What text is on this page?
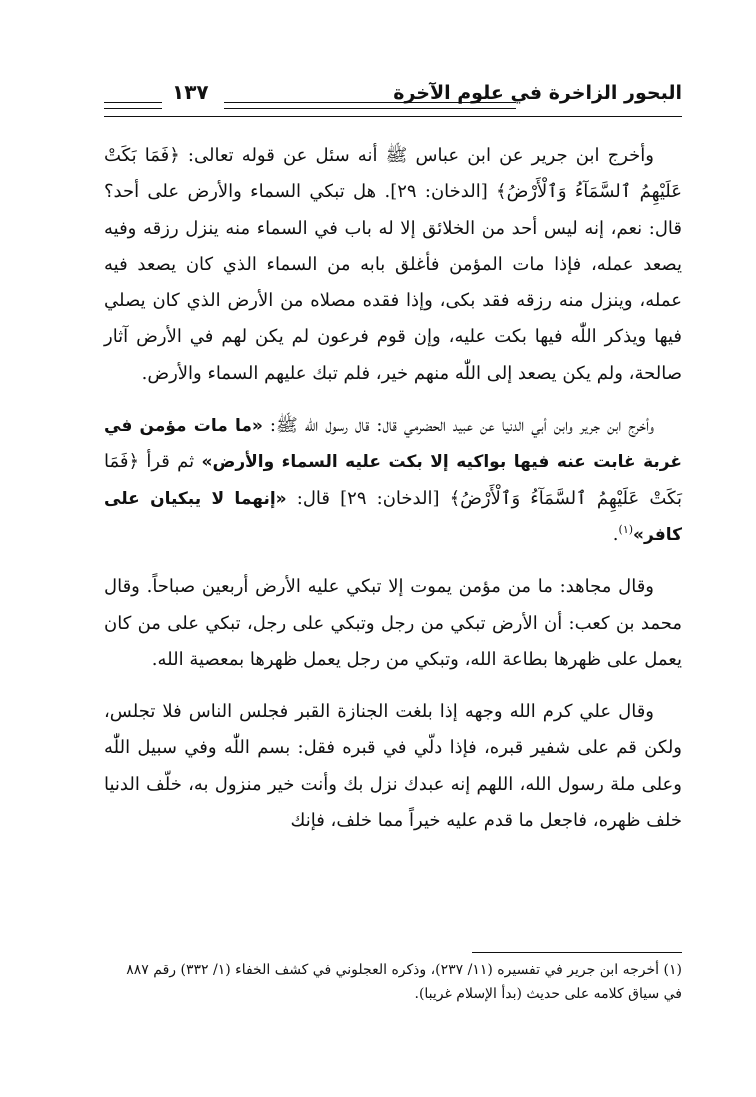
البحور الزاخرة في علوم الآخرة
١٣٧

وأخرج ابن جرير عن ابن عباس ﷺ أنه سئل عن قوله تعالى: ﴿فَمَا بَكَتْ عَلَيْهِمُ ٱلسَّمَآءُ وَٱلْأَرْضُ﴾ [الدخان: ٢٩]. هل تبكي السماء والأرض على أحد؟ قال: نعم، إنه ليس أحد من الخلائق إلا له باب في السماء منه ينزل رزقه وفيه يصعد عمله، فإذا مات المؤمن فأغلق بابه من السماء الذي كان يصعد فيه عمله، وينزل منه رزقه فقد بكى، وإذا فقده مصلاه من الأرض الذي كان يصلي فيها ويذكر اللّٰه فيها بكت عليه، وإن قوم فرعون لم يكن لهم في الأرض آثار صالحة، ولم يكن يصعد إلى اللّٰه منهم خير، فلم تبك عليهم السماء والأرض.

وأخرج ابن جرير وابن أبي الدنيا عن عبيد الحضرمي قال: قال رسول اللّٰه ﷺ: «ما مات مؤمن في غربة غابت عنه فيها بواكيه إلا بكت عليه السماء والأرض» ثم قرأ ﴿فَمَا بَكَتْ عَلَيْهِمُ ٱلسَّمَآءُ وَٱلْأَرْضُ﴾ [الدخان: ٢٩] قال: «إنهما لا يبكيان على كافر»$^{(١)}$.

وقال مجاهد: ما من مؤمن يموت إلا تبكي عليه الأرض أربعين صباحاً. وقال محمد بن كعب: أن الأرض تبكي من رجل وتبكي على رجل، تبكي على من كان يعمل على ظهرها بطاعة الله، وتبكي من رجل يعمل ظهرها بمعصية الله.

وقال علي كرم الله وجهه إذا بلغت الجنازة القبر فجلس الناس فلا تجلس، ولكن قم على شفير قبره، فإذا دلّي في قبره فقل: بسم اللّٰه وفي سبيل اللّٰه وعلى ملة رسول الله، اللهم إنه عبدك نزل بك وأنت خير منزول به، خلّف الدنيا خلف ظهره، فاجعل ما قدم عليه خيراً مما خلف، فإنك

(١) أخرجه ابن جرير في تفسيره (١١/ ٢٣٧)، وذكره العجلوني في كشف الخفاء (١/ ٣٣٢) رقم ٨٨٧ في سياق كلامه على حديث (بدأ الإسلام غريبا).
